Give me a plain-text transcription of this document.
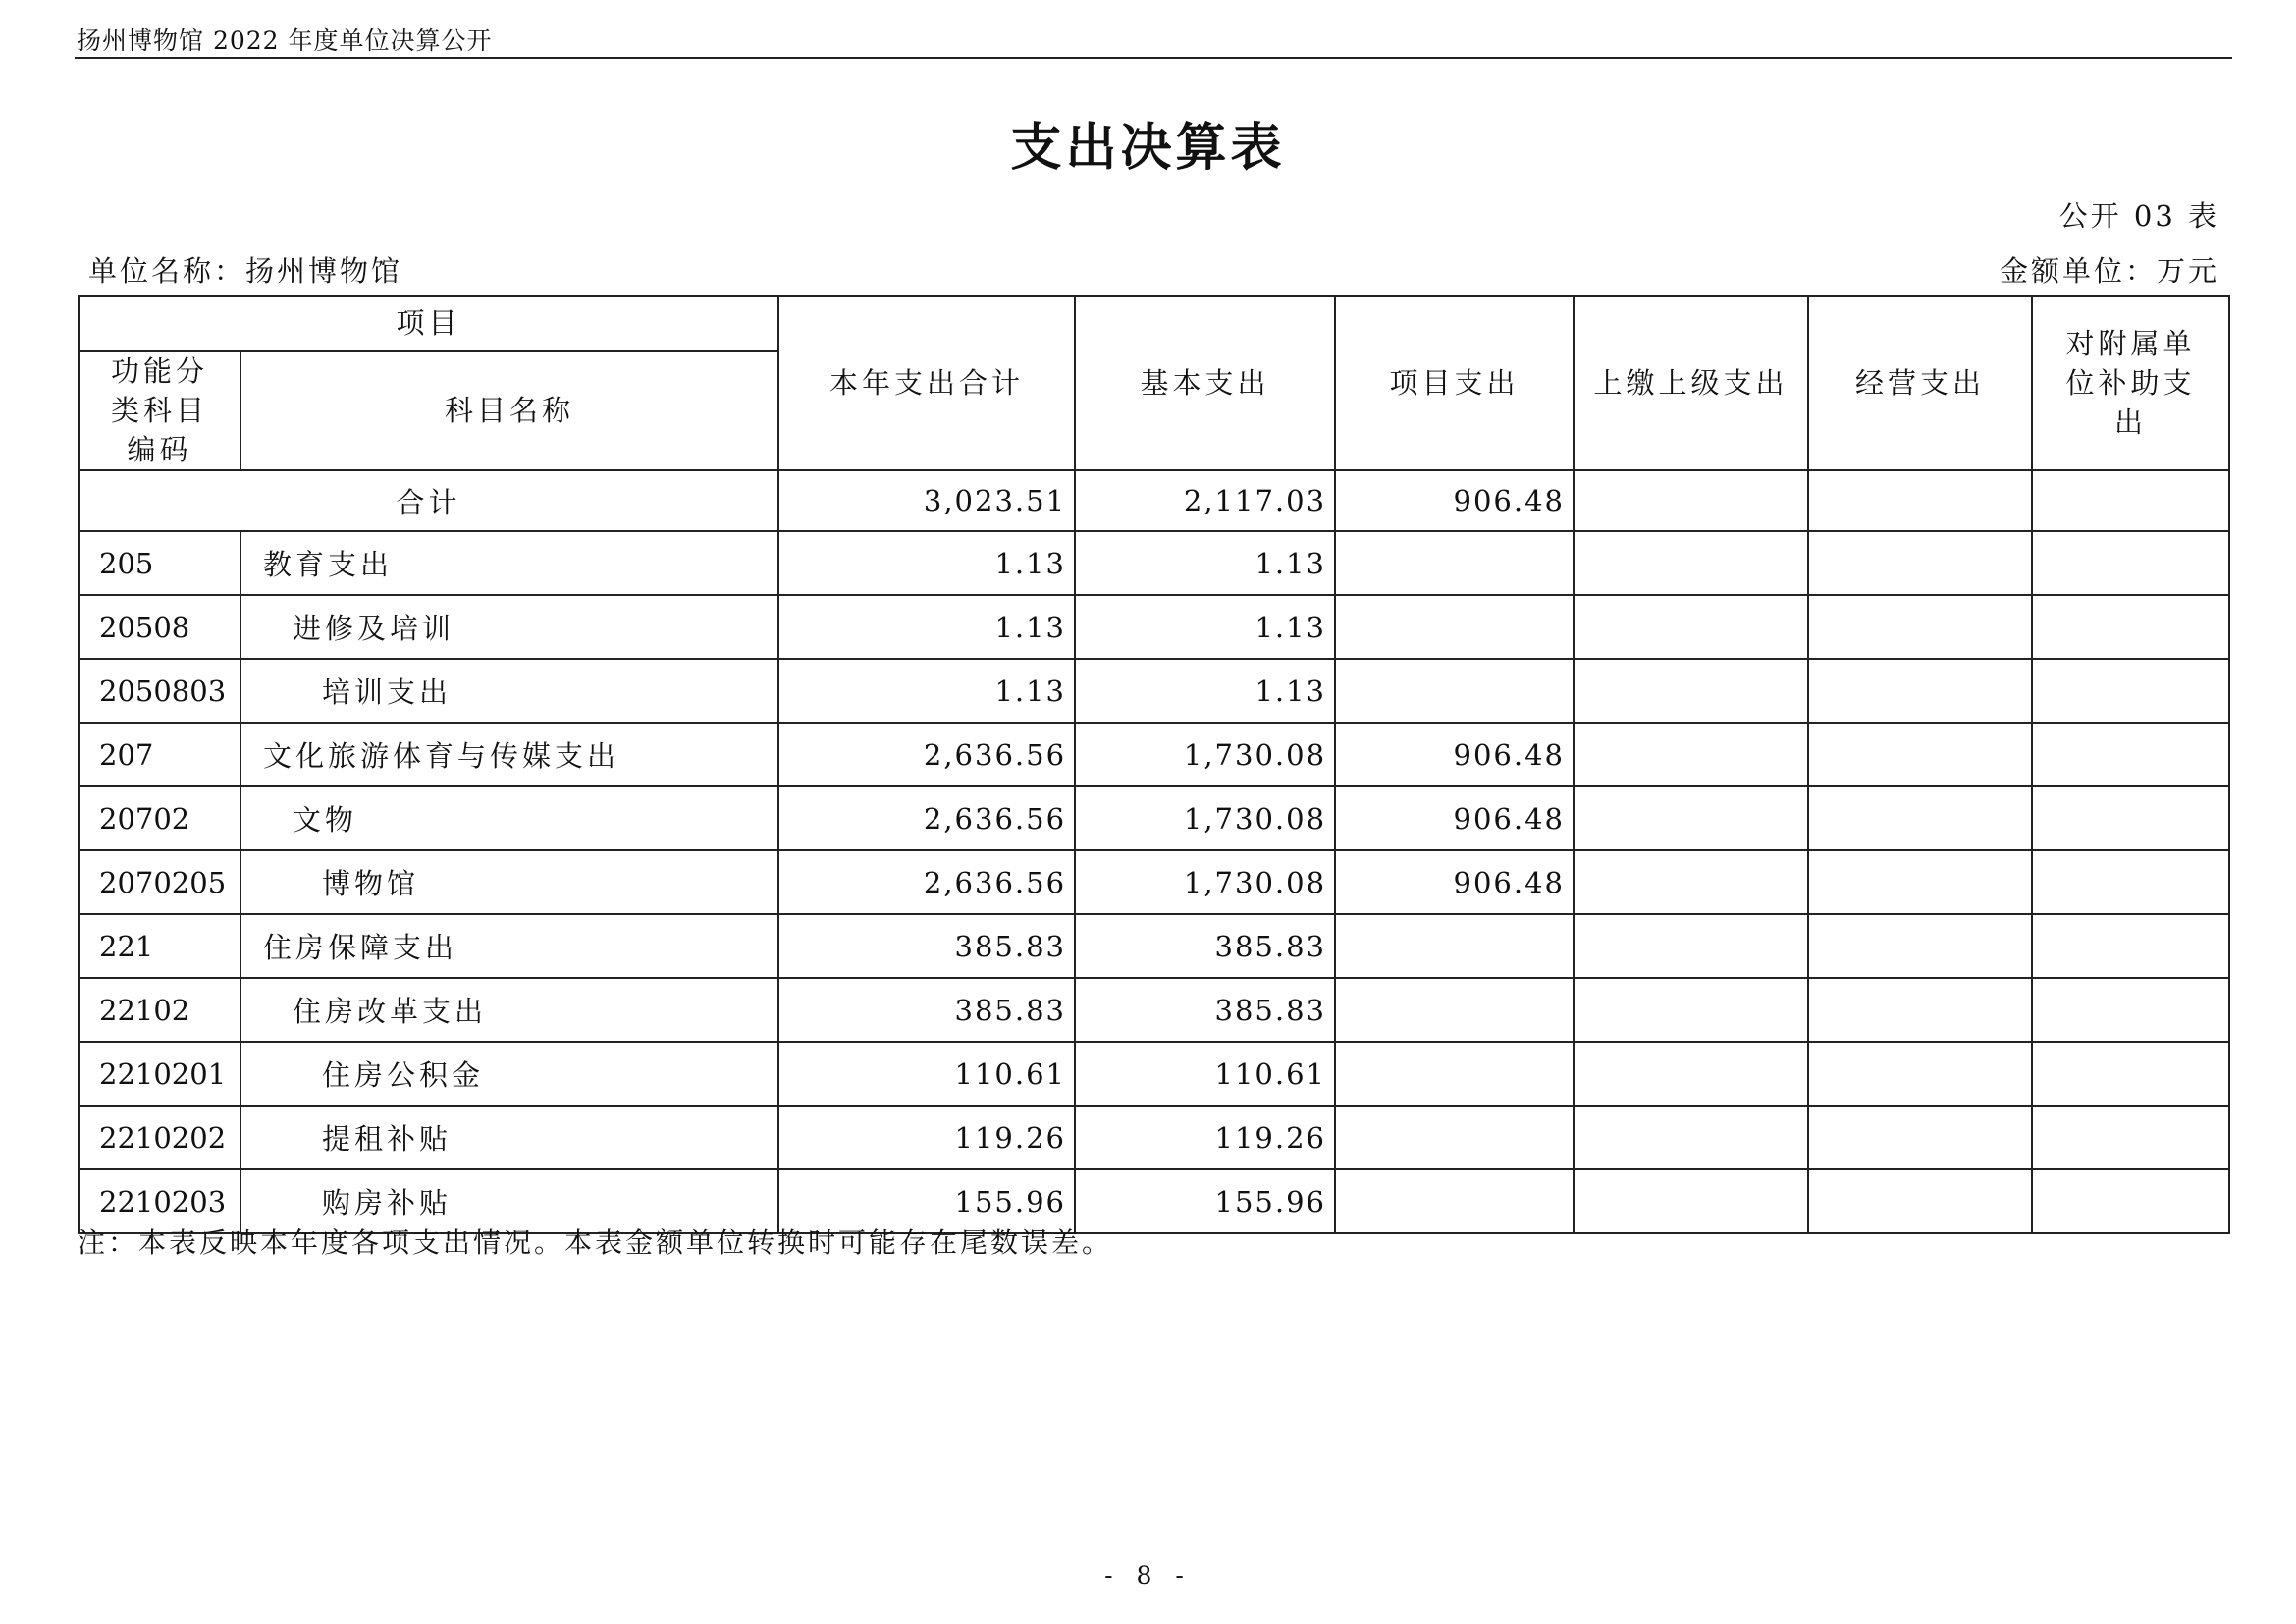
扬州博物馆 2022 年度单位决算公开
支出决算表
公开 03 表
单位名称：扬州博物馆	金额单位：万元
项目		本年支出合计	基本支出	项目支出	上缴上级支出	经营支出	对附属单位补助支出
功能分类科目编码	科目名称						
合计		3,023.51	2,117.03	906.48			
205	教育支出	1.13	1.13				
20508	进修及培训	1.13	1.13				
2050803	培训支出	1.13	1.13				
207	文化旅游体育与传媒支出	2,636.56	1,730.08	906.48			
20702	文物	2,636.56	1,730.08	906.48			
2070205	博物馆	2,636.56	1,730.08	906.48			
221	住房保障支出	385.83	385.83				
22102	住房改革支出	385.83	385.83				
2210201	住房公积金	110.61	110.61				
2210202	提租补贴	119.26	119.26				
2210203	购房补贴	155.96	155.96				
注：本表反映本年度各项支出情况。本表金额单位转换时可能存在尾数误差。
- 8 -
